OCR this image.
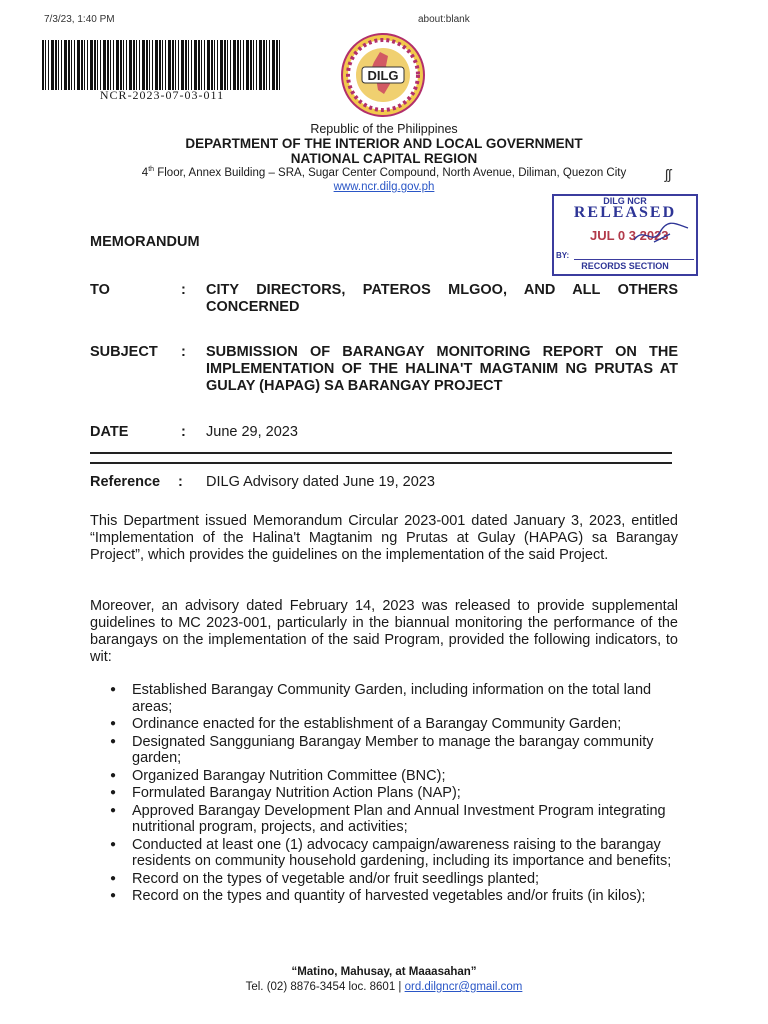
7/3/23, 1:40 PM	about:blank
NCR-2023-07-03-011
DILG
Republic of the Philippines
DEPARTMENT OF THE INTERIOR AND LOCAL GOVERNMENT
NATIONAL CAPITAL REGION
4th Floor, Annex Building – SRA, Sugar Center Compound, North Avenue, Diliman, Quezon City
www.ncr.dilg.gov.ph
ʃʃ
DILG NCR
RELEASED
JUL 0 3 2023
BY:
RECORDS SECTION
MEMORANDUM
TO	: CITY DIRECTORS, PATEROS MLGOO, AND ALL OTHERS CONCERNED
SUBJECT : SUBMISSION OF BARANGAY MONITORING REPORT ON THE IMPLEMENTATION OF THE HALINA'T MAGTANIM NG PRUTAS AT GULAY (HAPAG) SA BARANGAY PROJECT
DATE	: June 29, 2023
Reference : DILG Advisory dated June 19, 2023
This Department issued Memorandum Circular 2023-001 dated January 3, 2023, entitled “Implementation of the Halina't Magtanim ng Prutas at Gulay (HAPAG) sa Barangay Project”, which provides the guidelines on the implementation of the said Project.
Moreover, an advisory dated February 14, 2023 was released to provide supplemental guidelines to MC 2023-001, particularly in the biannual monitoring the performance of the barangays on the implementation of the said Program, provided the following indicators, to wit:
● Established Barangay Community Garden, including information on the total land areas;
● Ordinance enacted for the establishment of a Barangay Community Garden;
● Designated Sangguniang Barangay Member to manage the barangay community garden;
● Organized Barangay Nutrition Committee (BNC);
● Formulated Barangay Nutrition Action Plans (NAP);
● Approved Barangay Development Plan and Annual Investment Program integrating nutritional program, projects, and activities;
● Conducted at least one (1) advocacy campaign/awareness raising to the barangay residents on community household gardening, including its importance and benefits;
● Record on the types of vegetable and/or fruit seedlings planted;
● Record on the types and quantity of harvested vegetables and/or fruits (in kilos);
“Matino, Mahusay, at Maaasahan”
Tel. (02) 8876-3454 loc. 8601 | ord.dilgncr@gmail.com
